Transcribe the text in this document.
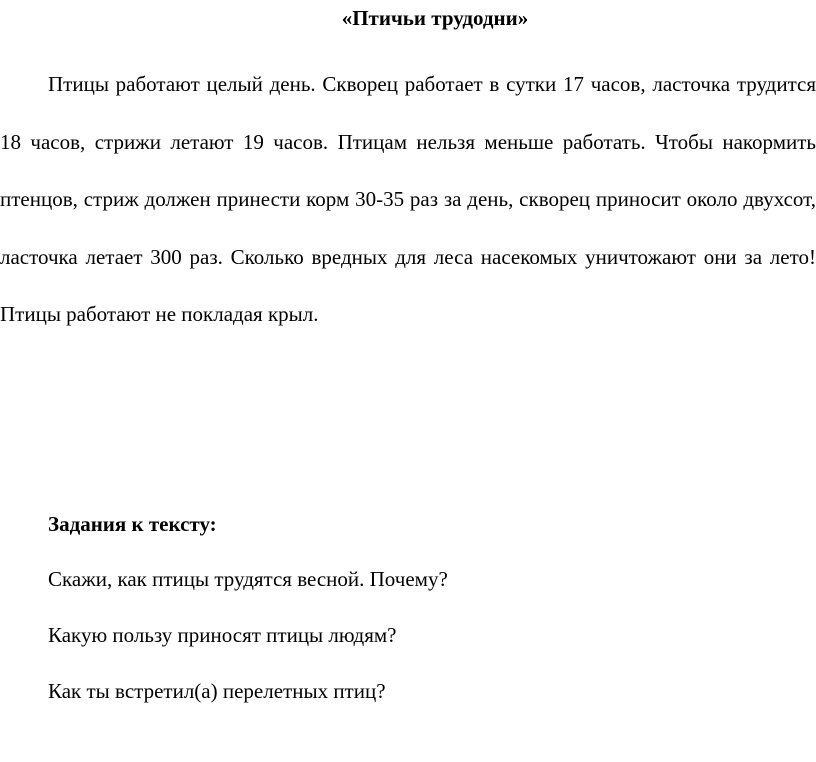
«Птичьи трудодни»

Птицы работают целый день. Скворец работает в сутки 17 часов, ласточка трудится 18 часов, стрижи летают 19 часов. Птицам нельзя меньше работать. Чтобы накормить птенцов, стриж должен принести корм 30-35 раз за день, скворец приносит около двухсот, ласточка летает 300 раз. Сколько вредных для леса насекомых уничтожают они за лето! Птицы работают не покладая крыл.

Задания к тексту:
Скажи, как птицы трудятся весной. Почему?
Какую пользу приносят птицы людям?
Как ты встретил(а) перелетных птиц?
